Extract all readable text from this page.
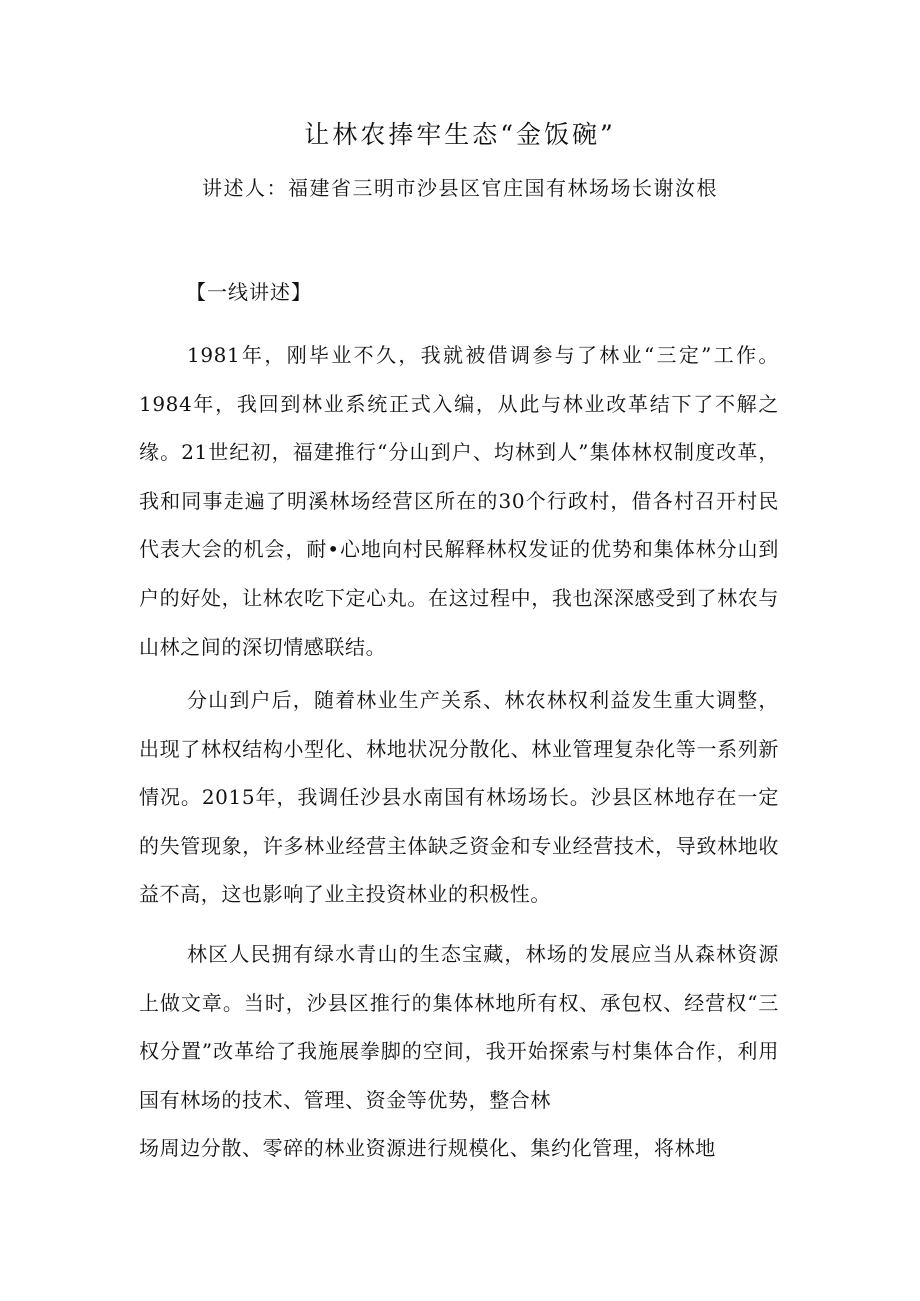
让林农捧牢生态“金饭碗”
讲述人：福建省三明市沙县区官庄国有林场场长谢汝根
【一线讲述】

1981年，刚毕业不久，我就被借调参与了林业“三定”工作。1984年，我回到林业系统正式入编，从此与林业改革结下了不解之缘。21世纪初，福建推行“分山到户、均林到人”集体林权制度改革，我和同事走遍了明溪林场经营区所在的30个行政村，借各村召开村民代表大会的机会，耐•心地向村民解释林权发证的优势和集体林分山到户的好处，让林农吃下定心丸。在这过程中，我也深深感受到了林农与山林之间的深切情感联结。

分山到户后，随着林业生产关系、林农林权利益发生重大调整，出现了林权结构小型化、林地状况分散化、林业管理复杂化等一系列新情况。2015年，我调任沙县水南国有林场场长。沙县区林地存在一定的失管现象，许多林业经营主体缺乏资金和专业经营技术，导致林地收益不高，这也影响了业主投资林业的积极性。

林区人民拥有绿水青山的生态宝藏，林场的发展应当从森林资源上做文章。当时，沙县区推行的集体林地所有权、承包权、经营权“三权分置”改革给了我施展拳脚的空间，我开始探索与村集体合作，利用国有林场的技术、管理、资金等优势，整合林
场周边分散、零碎的林业资源进行规模化、集约化管理，将林地
